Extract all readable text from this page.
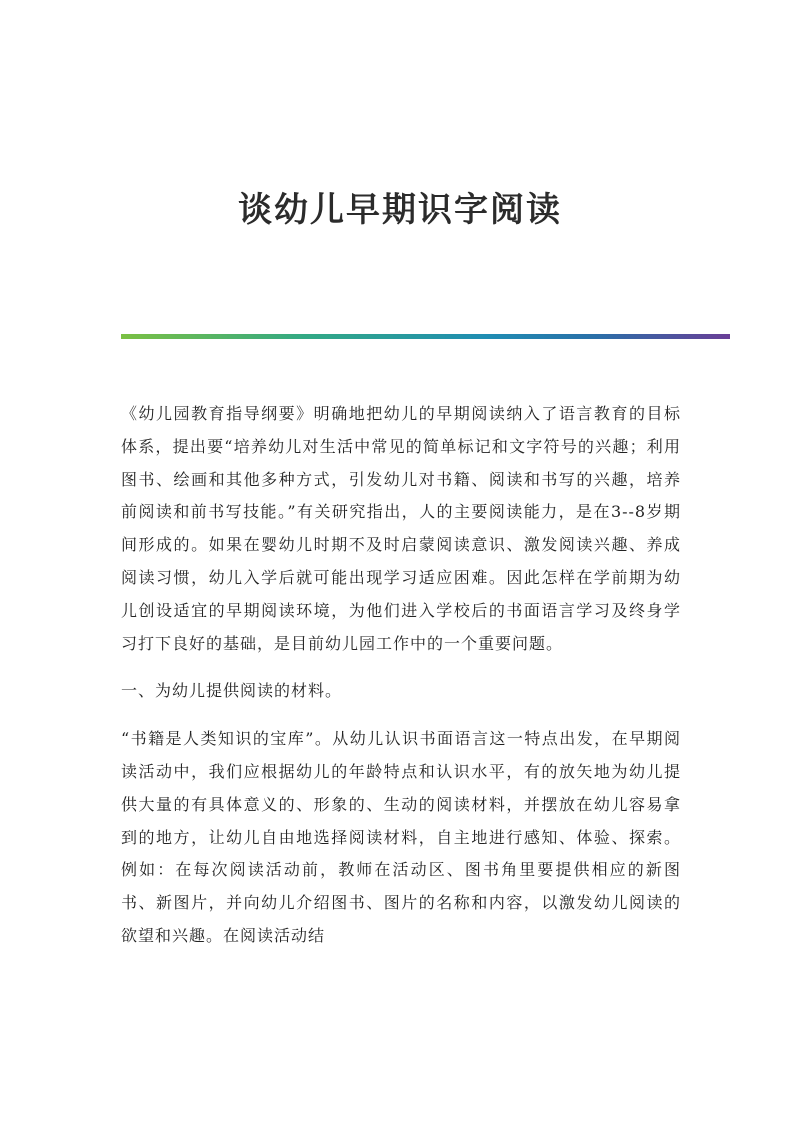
谈幼儿早期识字阅读

《幼儿园教育指导纲要》明确地把幼儿的早期阅读纳入了语言教育的目标体系，提出要“培养幼儿对生活中常见的简单标记和文字符号的兴趣；利用图书、绘画和其他多种方式，引发幼儿对书籍、阅读和书写的兴趣，培养前阅读和前书写技能。”有关研究指出，人的主要阅读能力，是在3--8岁期间形成的。如果在婴幼儿时期不及时启蒙阅读意识、激发阅读兴趣、养成阅读习惯，幼儿入学后就可能出现学习适应困难。因此怎样在学前期为幼儿创设适宜的早期阅读环境，为他们进入学校后的书面语言学习及终身学习打下良好的基础，是目前幼儿园工作中的一个重要问题。

一、为幼儿提供阅读的材料。

“书籍是人类知识的宝库”。从幼儿认识书面语言这一特点出发，在早期阅读活动中，我们应根据幼儿的年龄特点和认识水平，有的放矢地为幼儿提供大量的有具体意义的、形象的、生动的阅读材料，并摆放在幼儿容易拿到的地方，让幼儿自由地选择阅读材料，自主地进行感知、体验、探索。例如：在每次阅读活动前，教师在活动区、图书角里要提供相应的新图书、新图片，并向幼儿介绍图书、图片的名称和内容，以激发幼儿阅读的欲望和兴趣。在阅读活动结
